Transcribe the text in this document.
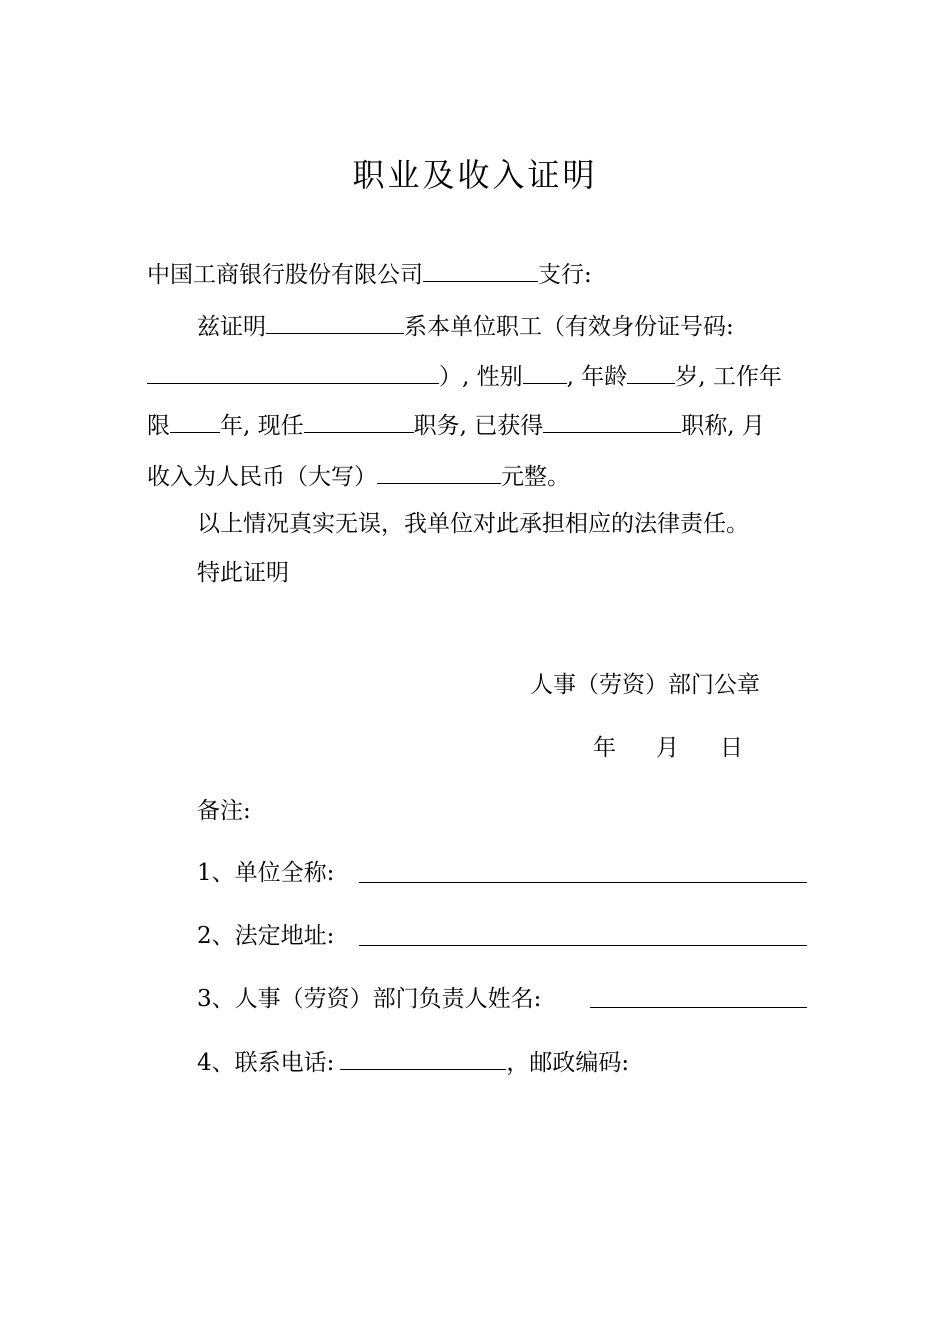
职业及收入证明
中国工商银行股份有限公司	支行:
兹证明	系本单位职工（有效身份证号码:
）, 性别 , 年龄 岁, 工作年
限 年, 现任	职务, 已获得	职称, 月
收入为人民币（大写）	元整。
以上情况真实无误，我单位对此承担相应的法律责任。
特此证明
人事（劳资）部门公章
年 月 日
备注:
1、单位全称:
2、法定地址:
3、人事（劳资）部门负责人姓名:
4、联系电话:	，邮政编码:
